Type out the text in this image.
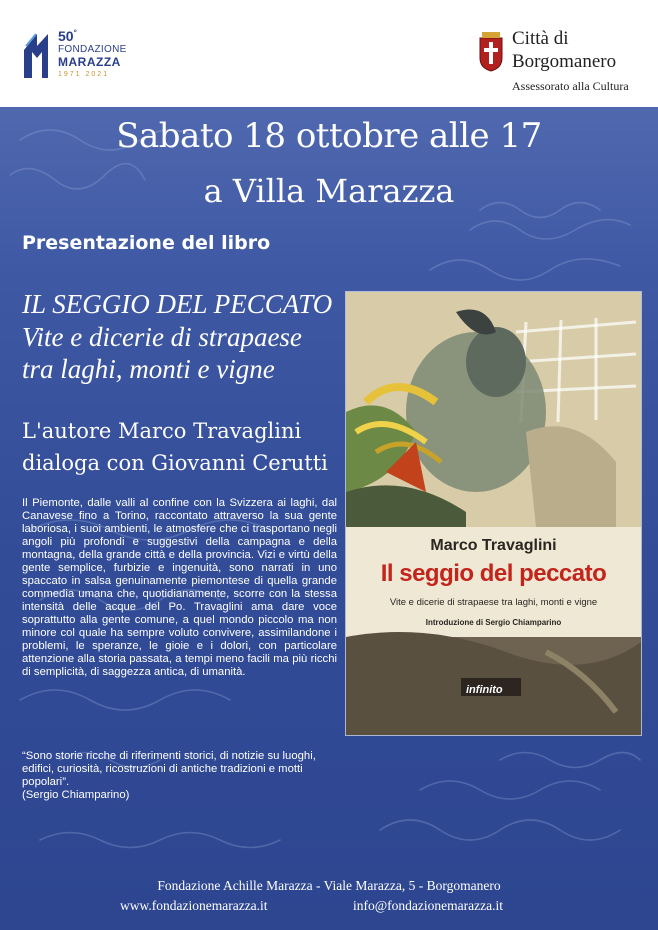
50°
FONDAZIONE
MARAZZA
1971 2021
Città di
Borgomanero
Assessorato alla Cultura
Sabato 18 ottobre alle 17
a Villa Marazza
Presentazione del libro
IL SEGGIO DEL PECCATO
Vite e dicerie di strapaese
tra laghi, monti e vigne
L'autore Marco Travaglini
dialoga con Giovanni Cerutti
Il Piemonte, dalle valli al confine con la Svizzera ai laghi, dal Canavese fino a Torino, raccontato attraverso la sua gente laboriosa, i suoi ambienti, le atmosfere che ci trasportano negli angoli più profondi e suggestivi della campagna e della montagna, della grande città e della provincia. Vizi e virtù della gente semplice, furbizie e ingenuità, sono narrati in uno spaccato in salsa genuinamente piemontese di quella grande commedia umana che, quotidianamente, scorre con la stessa intensità delle acque del Po. Travaglini ama dare voce soprattutto alla gente comune, a quel mondo piccolo ma non minore col quale ha sempre voluto convivere, assimilandone i problemi, le speranze, le gioie e i dolori, con particolare attenzione alla storia passata, a tempi meno facili ma più ricchi di semplicità, di saggezza antica, di umanità.
“Sono storie ricche di riferimenti storici, di notizie su luoghi, edifici, curiosità, ricostruzioni di antiche tradizioni e motti popolari”.
(Sergio Chiamparino)
Marco Travaglini
Il seggio del peccato
Vite e dicerie di strapaese tra laghi, monti e vigne
Introduzione di Sergio Chiamparino
infinito
Fondazione Achille Marazza - Viale Marazza, 5 - Borgomanero
www.fondazionemarazza.it	info@fondazionemarazza.it
